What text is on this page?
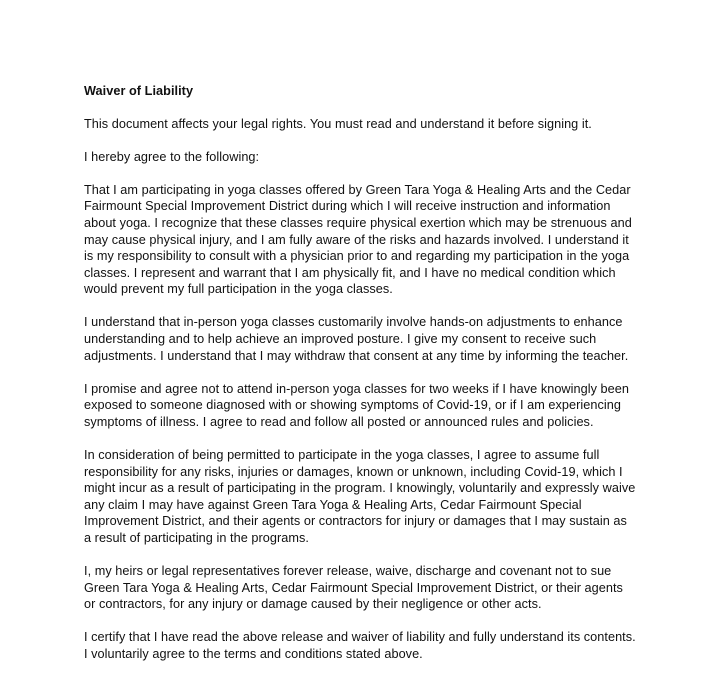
Waiver of Liability
This document affects your legal rights. You must read and understand it before signing it.
I hereby agree to the following:
That I am participating in yoga classes offered by Green Tara Yoga & Healing Arts and the Cedar Fairmount Special Improvement District during which I will receive instruction and information about yoga. I recognize that these classes require physical exertion which may be strenuous and may cause physical injury, and I am fully aware of the risks and hazards involved. I understand it is my responsibility to consult with a physician prior to and regarding my participation in the yoga classes. I represent and warrant that I am physically fit, and I have no medical condition which would prevent my full participation in the yoga classes.
I understand that in-person yoga classes customarily involve hands-on adjustments to enhance understanding and to help achieve an improved posture. I give my consent to receive such adjustments. I understand that I may withdraw that consent at any time by informing the teacher.
I promise and agree not to attend in-person yoga classes for two weeks if I have knowingly been exposed to someone diagnosed with or showing symptoms of Covid-19, or if I am experiencing symptoms of illness. I agree to read and follow all posted or announced rules and policies.
In consideration of being permitted to participate in the yoga classes, I agree to assume full responsibility for any risks, injuries or damages, known or unknown, including Covid-19, which I might incur as a result of participating in the program. I knowingly, voluntarily and expressly waive any claim I may have against Green Tara Yoga & Healing Arts, Cedar Fairmount Special Improvement District, and their agents or contractors for injury or damages that I may sustain as a result of participating in the programs.
I, my heirs or legal representatives forever release, waive, discharge and covenant not to sue Green Tara Yoga & Healing Arts, Cedar Fairmount Special Improvement District, or their agents or contractors, for any injury or damage caused by their negligence or other acts.
I certify that I have read the above release and waiver of liability and fully understand its contents. I voluntarily agree to the terms and conditions stated above.
